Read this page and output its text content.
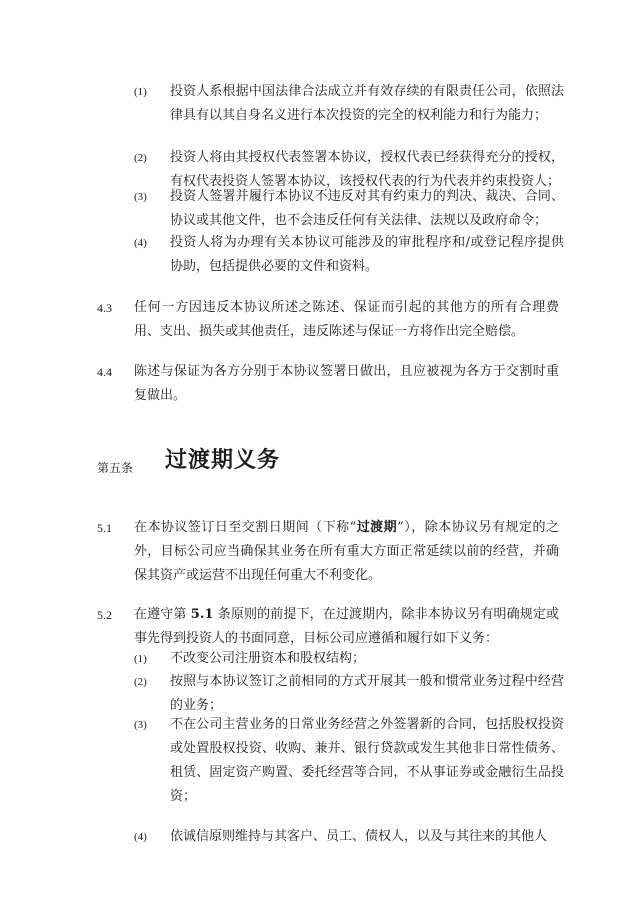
(1) 投资人系根据中国法律合法成立并有效存续的有限责任公司，依照法律具有以其自身名义进行本次投资的完全的权利能力和行为能力；
(2) 投资人将由其授权代表签署本协议，授权代表已经获得充分的授权，有权代表投资人签署本协议，该授权代表的行为代表并约束投资人；
(3) 投资人签署并履行本协议不违反对其有约束力的判决、裁决、合同、协议或其他文件，也不会违反任何有关法律、法规以及政府命令；
(4) 投资人将为办理有关本协议可能涉及的审批程序和/或登记程序提供协助，包括提供必要的文件和资料。
4.3 任何一方因违反本协议所述之陈述、保证而引起的其他方的所有合理费用、支出、损失或其他责任，违反陈述与保证一方将作出完全赔偿。
4.4 陈述与保证为各方分别于本协议签署日做出，且应被视为各方于交割时重复做出。
第五条 过渡期义务
5.1 在本协议签订日至交割日期间（下称“过渡期”），除本协议另有规定的之外，目标公司应当确保其业务在所有重大方面正常延续以前的经营，并确保其资产或运营不出现任何重大不利变化。
5.2 在遵守第 5.1 条原则的前提下，在过渡期内，除非本协议另有明确规定或事先得到投资人的书面同意，目标公司应遵循和履行如下义务：
(1) 不改变公司注册资本和股权结构；
(2) 按照与本协议签订之前相同的方式开展其一般和惯常业务过程中经营的业务；
(3) 不在公司主营业务的日常业务经营之外签署新的合同，包括股权投资或处置股权投资、收购、兼并、银行贷款或发生其他非日常性债务、租赁、固定资产购置、委托经营等合同，不从事证券或金融衍生品投资；
(4) 依诚信原则维持与其客户、员工、债权人，以及与其往来的其他人
